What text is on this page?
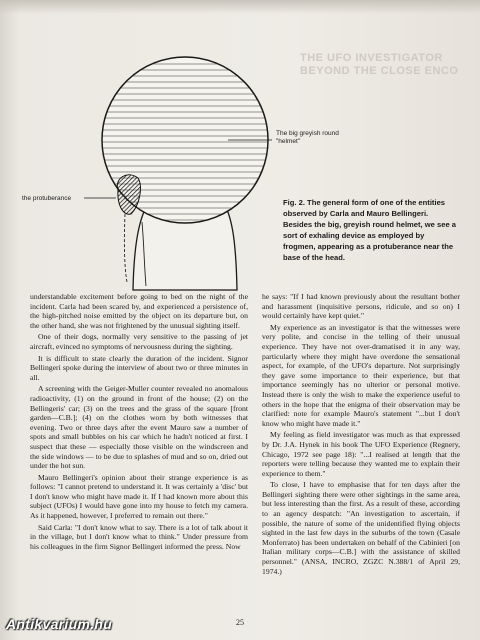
THE UFO INVESTIGATOR
BEYOND THE CLOSE ENCO
The big greyish round "helmet"
the protuberance	Fig. 2. The general form of one of the entities observed by Carla and Mauro Bellingeri. Besides the big, greyish round helmet, we see a sort of exhaling device as employed by frogmen, appearing as a protuberance near the base of the head.

understandable excitement before going to bed on the night of the incident. Carla had been scared by, and experienced a persistence of, the high-pitched noise emitted by the object on its departure but, on the other hand, she was not frightened by the unusual sighting itself.

One of their dogs, normally very sensitive to the passing of jet aircraft, evinced no symptoms of nervousness during the sighting.

It is difficult to state clearly the duration of the incident. Signor Bellingeri spoke during the interview of about two or three minutes in all.

A screening with the Geiger-Muller counter revealed no anomalous radioactivity, (1) on the ground in front of the house; (2) on the Bellingeris' car; (3) on the trees and the grass of the square [front garden—C.B.]; (4) on the clothes worn by both witnesses that evening. Two or three days after the event Mauro saw a number of spots and small bubbles on his car which he hadn't noticed at first. I suspect that these — especially those visible on the windscreen and the side windows — to be due to splashes of mud and so on, dried out under the hot sun.

Mauro Bellingeri's opinion about their strange experience is as follows: "I cannot pretend to understand it. It was certainly a 'disc' but I don't know who might have made it. If I had known more about this subject (UFOs) I would have gone into my house to fetch my camera. As it happened, however, I preferred to remain out there."

Said Carla: "I don't know what to say. There is a lot of talk about it in the village, but I don't know what to think." Under pressure from his colleagues in the firm Signor Bellingeri informed the press. Now

he says: "If I had known previously about the resultant bother and harassment (inquisitive persons, ridicule, and so on) I would certainly have kept quiet."

My experience as an investigator is that the witnesses were very polite, and concise in the telling of their unusual experience. They have not over-dramatised it in any way, particularly where they might have overdone the sensational aspect, for example, of the UFO's departure. Not surprisingly they gave some importance to their experience, but that importance seemingly has no ulterior or personal motive. Instead there is only the wish to make the experience useful to others in the hope that the enigma of their observation may be clarified: note for example Mauro's statement "...but I don't know who might have made it."

My feeling as field investigator was much as that expressed by Dr. J.A. Hynek in his book The UFO Experience (Regnery, Chicago, 1972 see page 18): "...I realised at length that the reporters were telling because they wanted me to explain their experience to them."

To close, I have to emphasise that for ten days after the Bellingeri sighting there were other sightings in the same area, but less interesting than the first. As a result of these, according to an agency despatch: "An investigation to ascertain, if possible, the nature of some of the unidentified flying objects sighted in the last few days in the suburbs of the town (Casale Monferrato) has been undertaken on behalf of the Cabinieri [on Italian military corps—C.B.] with the assistance of skilled personnel." (ANSA, INCRO, ZGZC N.388/1 of April 29, 1974.)

25
Antikvarium.hu
